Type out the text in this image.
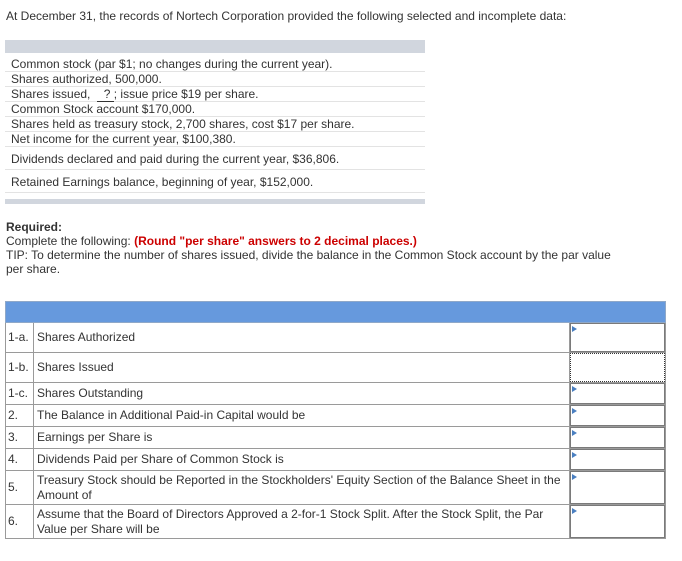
At December 31, the records of Nortech Corporation provided the following selected and incomplete data:
Common stock (par $1; no changes during the current year).
Shares authorized, 500,000.
Shares issued, ? ; issue price $19 per share.
Common Stock account $170,000.
Shares held as treasury stock, 2,700 shares, cost $17 per share.
Net income for the current year, $100,380.
Dividends declared and paid during the current year, $36,806.
Retained Earnings balance, beginning of year, $152,000.
Required:
Complete the following: (Round "per share" answers to 2 decimal places.)
TIP: To determine the number of shares issued, divide the balance in the Common Stock account by the par value per share.

1-a.	Shares Authorized	

1-b.	Shares Issued	

1-c.	Shares Outstanding	

2.	The Balance in Additional Paid-in Capital would be	

3.	Earnings per Share is	

4.	Dividends Paid per Share of Common Stock is	

5.	Treasury Stock should be Reported in the Stockholders' Equity Section of the Balance Sheet in the Amount of	

6.	Assume that the Board of Directors Approved a 2-for-1 Stock Split. After the Stock Split, the Par Value per Share will be	
